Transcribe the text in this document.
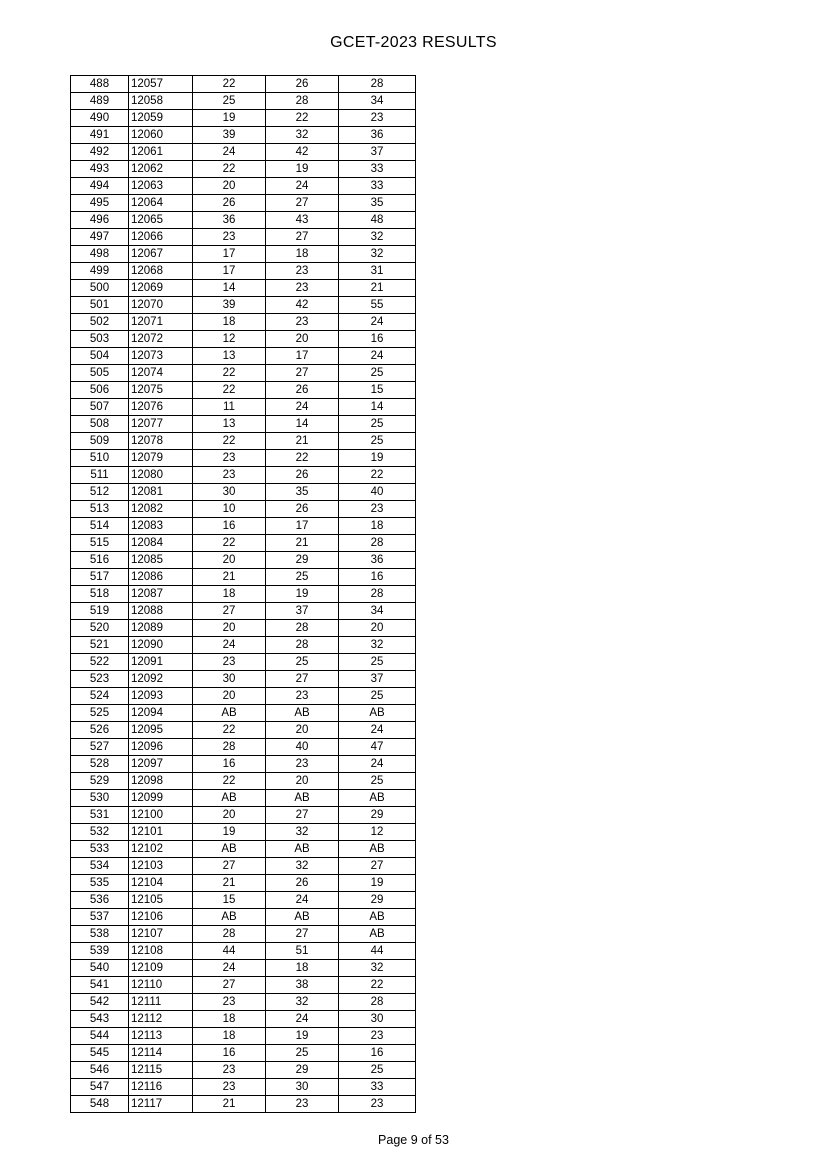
GCET-2023 RESULTS
488	12057	22	26	28
489	12058	25	28	34
490	12059	19	22	23
491	12060	39	32	36
492	12061	24	42	37
493	12062	22	19	33
494	12063	20	24	33
495	12064	26	27	35
496	12065	36	43	48
497	12066	23	27	32
498	12067	17	18	32
499	12068	17	23	31
500	12069	14	23	21
501	12070	39	42	55
502	12071	18	23	24
503	12072	12	20	16
504	12073	13	17	24
505	12074	22	27	25
506	12075	22	26	15
507	12076	11	24	14
508	12077	13	14	25
509	12078	22	21	25
510	12079	23	22	19
511	12080	23	26	22
512	12081	30	35	40
513	12082	10	26	23
514	12083	16	17	18
515	12084	22	21	28
516	12085	20	29	36
517	12086	21	25	16
518	12087	18	19	28
519	12088	27	37	34
520	12089	20	28	20
521	12090	24	28	32
522	12091	23	25	25
523	12092	30	27	37
524	12093	20	23	25
525	12094	AB	AB	AB
526	12095	22	20	24
527	12096	28	40	47
528	12097	16	23	24
529	12098	22	20	25
530	12099	AB	AB	AB
531	12100	20	27	29
532	12101	19	32	12
533	12102	AB	AB	AB
534	12103	27	32	27
535	12104	21	26	19
536	12105	15	24	29
537	12106	AB	AB	AB
538	12107	28	27	AB
539	12108	44	51	44
540	12109	24	18	32
541	12110	27	38	22
542	12111	23	32	28
543	12112	18	24	30
544	12113	18	19	23
545	12114	16	25	16
546	12115	23	29	25
547	12116	23	30	33
548	12117	21	23	23
Page 9 of 53
